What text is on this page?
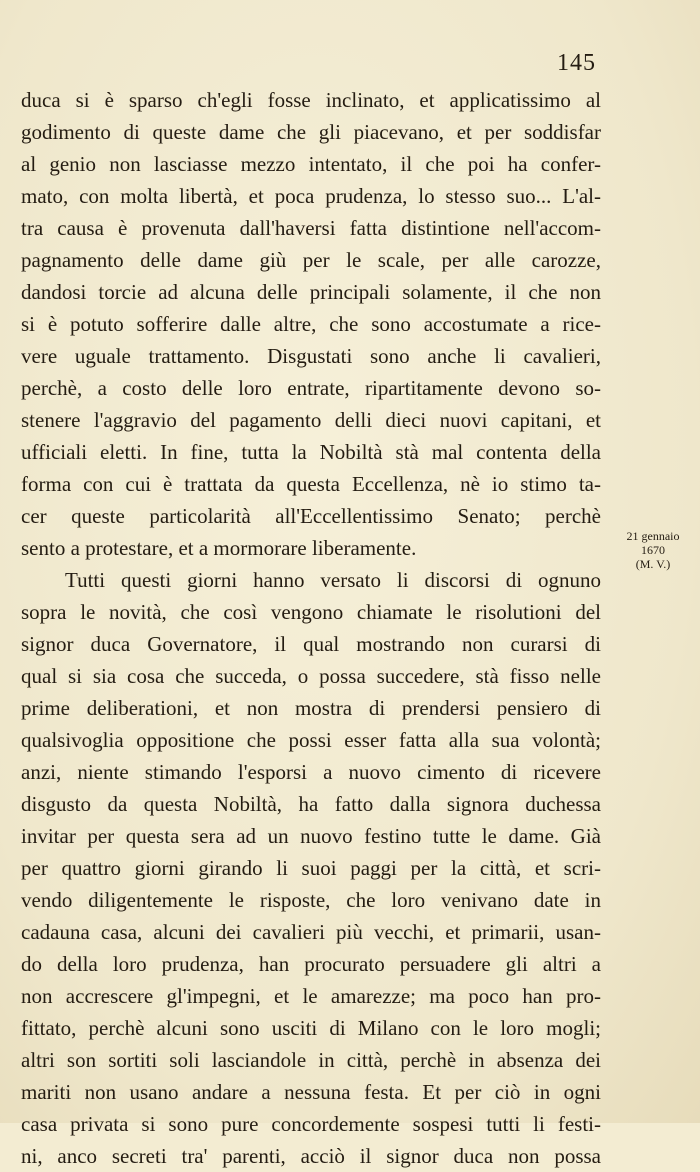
145
duca si è sparso ch'egli fosse inclinato, et applicatissimo al
godimento di queste dame che gli piacevano, et per soddisfar
al genio non lasciasse mezzo intentato, il che poi ha confer-
mato, con molta libertà, et poca prudenza, lo stesso suo... L'al-
tra causa è provenuta dall'haversi fatta distintione nell'accom-
pagnamento delle dame giù per le scale, per alle carozze,
dandosi torcie ad alcuna delle principali solamente, il che non
si è potuto sofferire dalle altre, che sono accostumate a rice-
vere uguale trattamento. Disgustati sono anche li cavalieri,
perchè, a costo delle loro entrate, ripartitamente devono so-
stenere l'aggravio del pagamento delli dieci nuovi capitani, et
ufficiali eletti. In fine, tutta la Nobiltà stà mal contenta della
forma con cui è trattata da questa Eccellenza, nè io stimo ta-
cer queste particolarità all'Eccellentissimo Senato; perchè
sento a protestare, et a mormorare liberamente.
Tutti questi giorni hanno versato li discorsi di ognuno
sopra le novità, che così vengono chiamate le risolutioni del
signor duca Governatore, il qual mostrando non curarsi di
qual si sia cosa che succeda, o possa succedere, stà fisso nelle
prime deliberationi, et non mostra di prendersi pensiero di
qualsivoglia oppositione che possi esser fatta alla sua volontà;
anzi, niente stimando l'esporsi a nuovo cimento di ricevere
disgusto da questa Nobiltà, ha fatto dalla signora duchessa
invitar per questa sera ad un nuovo festino tutte le dame. Già
per quattro giorni girando li suoi paggi per la città, et scri-
vendo diligentemente le risposte, che loro venivano date in
cadauna casa, alcuni dei cavalieri più vecchi, et primarii, usan-
do della loro prudenza, han procurato persuadere gli altri a
non accrescere gl'impegni, et le amarezze; ma poco han pro-
fittato, perchè alcuni sono usciti di Milano con le loro mogli;
altri son sortiti soli lasciandole in città, perchè in absenza dei
mariti non usano andare a nessuna festa. Et per ciò in ogni
casa privata si sono pure concordemente sospesi tutti li festi-
ni, anco secreti tra' parenti, acciò il signor duca non possa
21 gennaio
1670
(M. V.)
